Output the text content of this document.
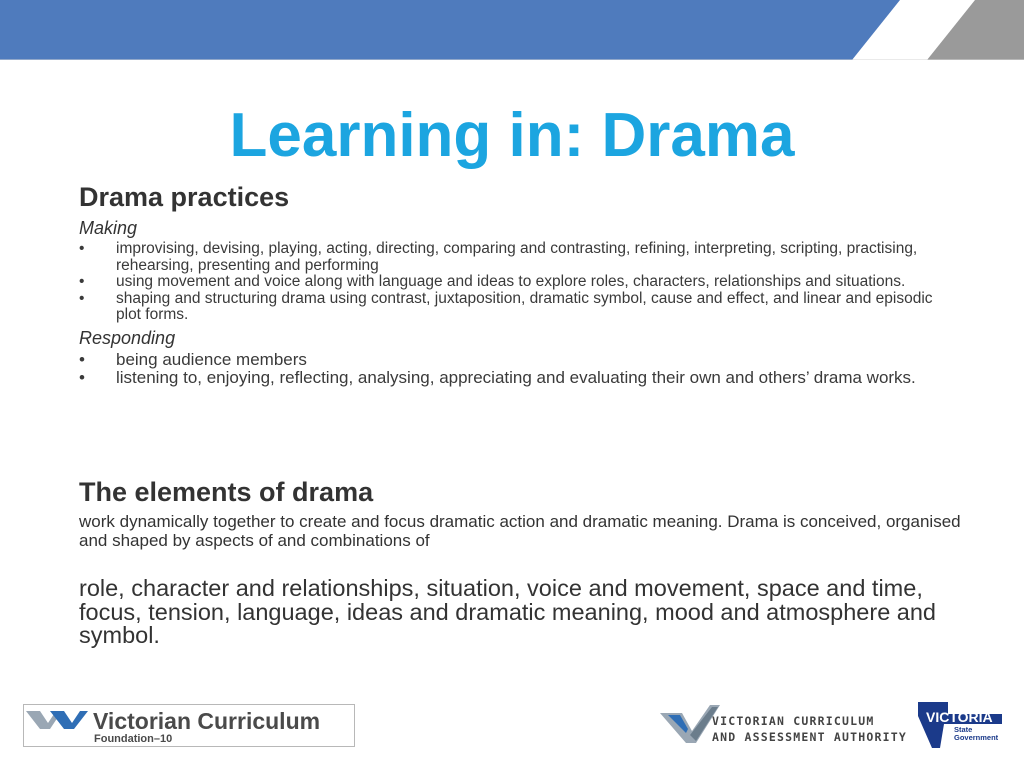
Learning in: Drama
Drama practices
Making
• improvising, devising, playing, acting, directing, comparing and contrasting, refining, interpreting, scripting, practising, rehearsing, presenting and performing
• using movement and voice along with language and ideas to explore roles, characters, relationships and situations.
• shaping and structuring drama using contrast, juxtaposition, dramatic symbol, cause and effect, and linear and episodic plot forms.
Responding
• being audience members
• listening to, enjoying, reflecting, analysing, appreciating and evaluating their own and others’ drama works.
The elements of drama

work dynamically together to create and focus dramatic action and dramatic meaning. Drama is conceived, organised and shaped by aspects of and combinations of

role, character and relationships, situation, voice and movement, space and time, focus, tension, language, ideas and dramatic meaning, mood and atmosphere and symbol.

Victorian Curriculum
Foundation–10
VICTORIAN CURRICULUM
AND ASSESSMENT AUTHORITY
VICTORIA
State
Government
